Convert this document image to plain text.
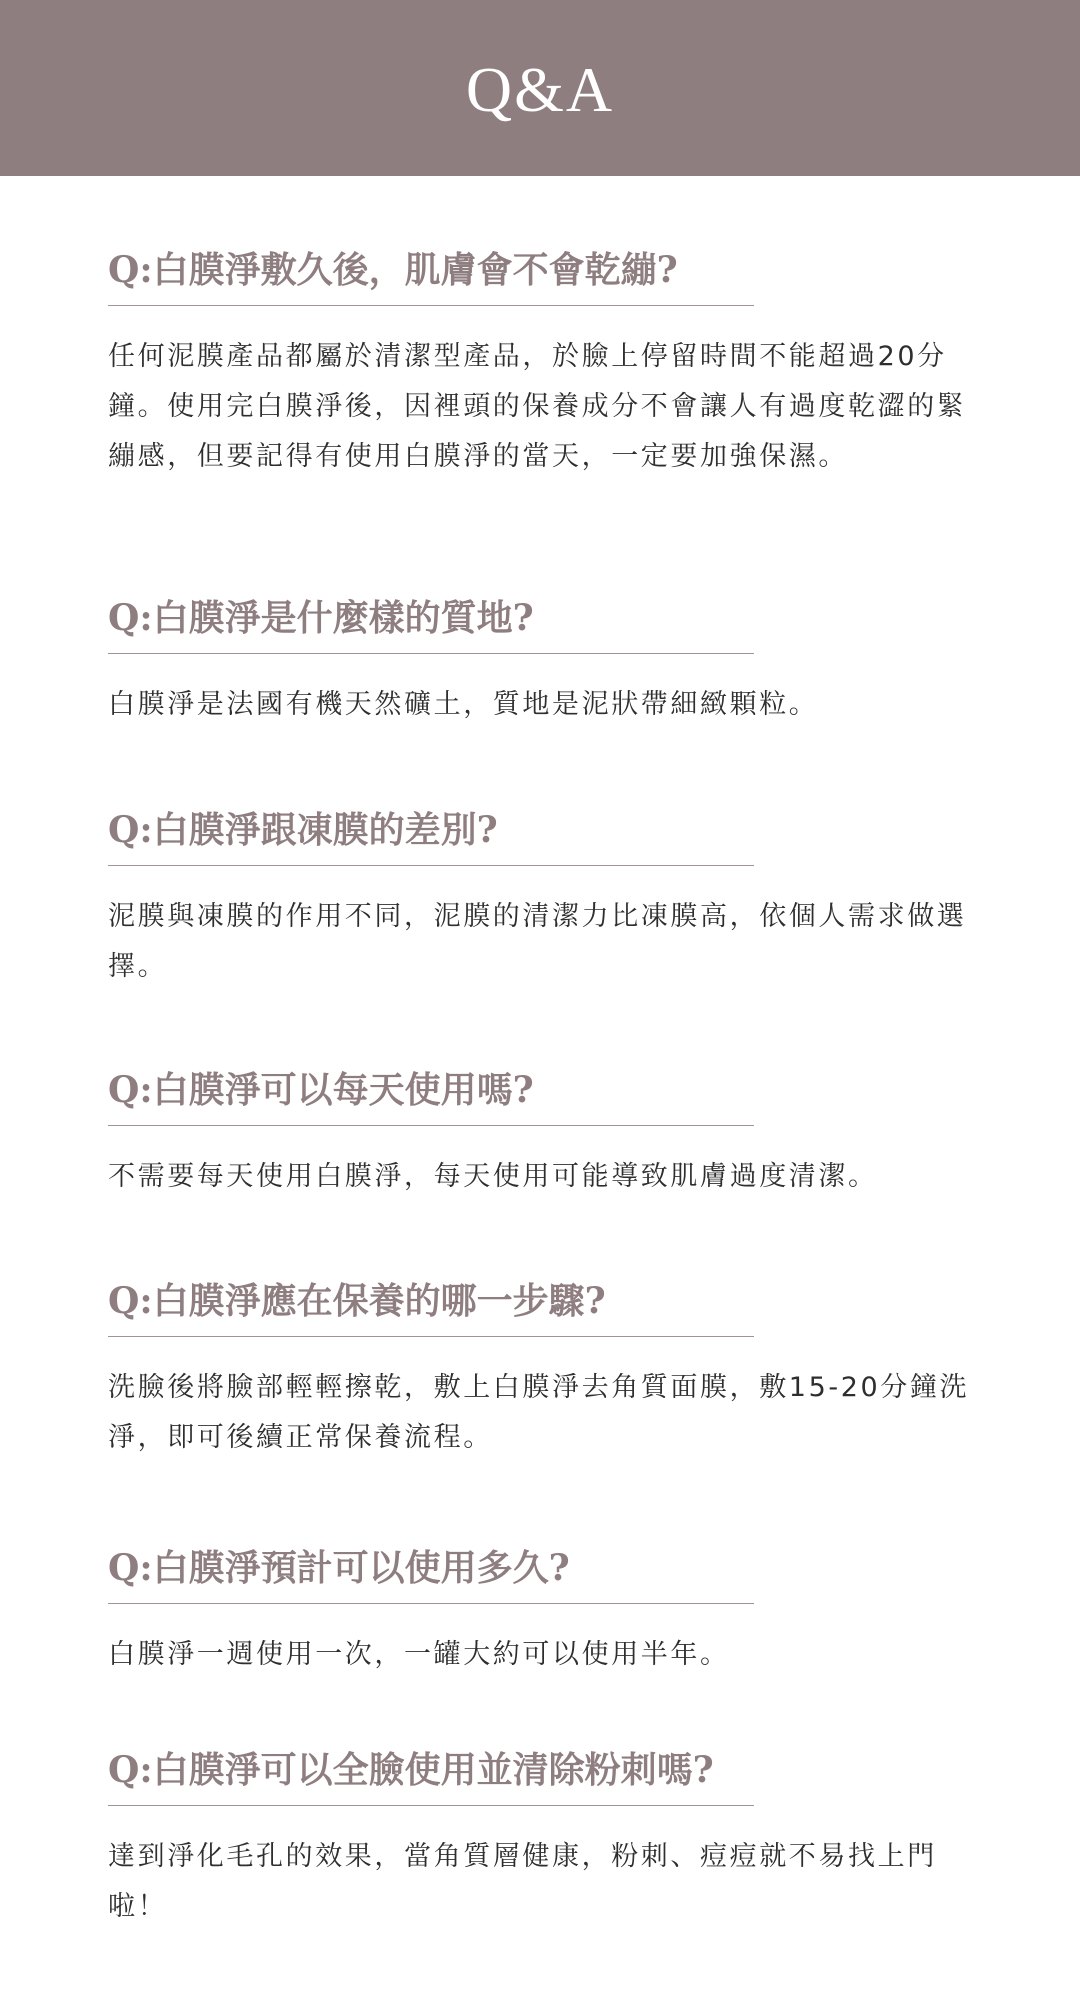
Q&A
Q:白膜淨敷久後，肌膚會不會乾繃?
任何泥膜產品都屬於清潔型產品，於臉上停留時間不能超過20分鐘。使用完白膜淨後，因裡頭的保養成分不會讓人有過度乾澀的緊繃感，但要記得有使用白膜淨的當天，一定要加強保濕。
Q:白膜淨是什麼樣的質地?
白膜淨是法國有機天然礦土，質地是泥狀帶細緻顆粒。
Q:白膜淨跟凍膜的差別?
泥膜與凍膜的作用不同，泥膜的清潔力比凍膜高，依個人需求做選擇。
Q:白膜淨可以每天使用嗎?
不需要每天使用白膜淨，每天使用可能導致肌膚過度清潔。
Q:白膜淨應在保養的哪一步驟?
洗臉後將臉部輕輕擦乾，敷上白膜淨去角質面膜，敷15-20分鐘洗淨，即可後續正常保養流程。
Q:白膜淨預計可以使用多久?
白膜淨一週使用一次，一罐大約可以使用半年。
Q:白膜淨可以全臉使用並清除粉刺嗎?
達到淨化毛孔的效果，當角質層健康，粉刺、痘痘就不易找上門啦！
